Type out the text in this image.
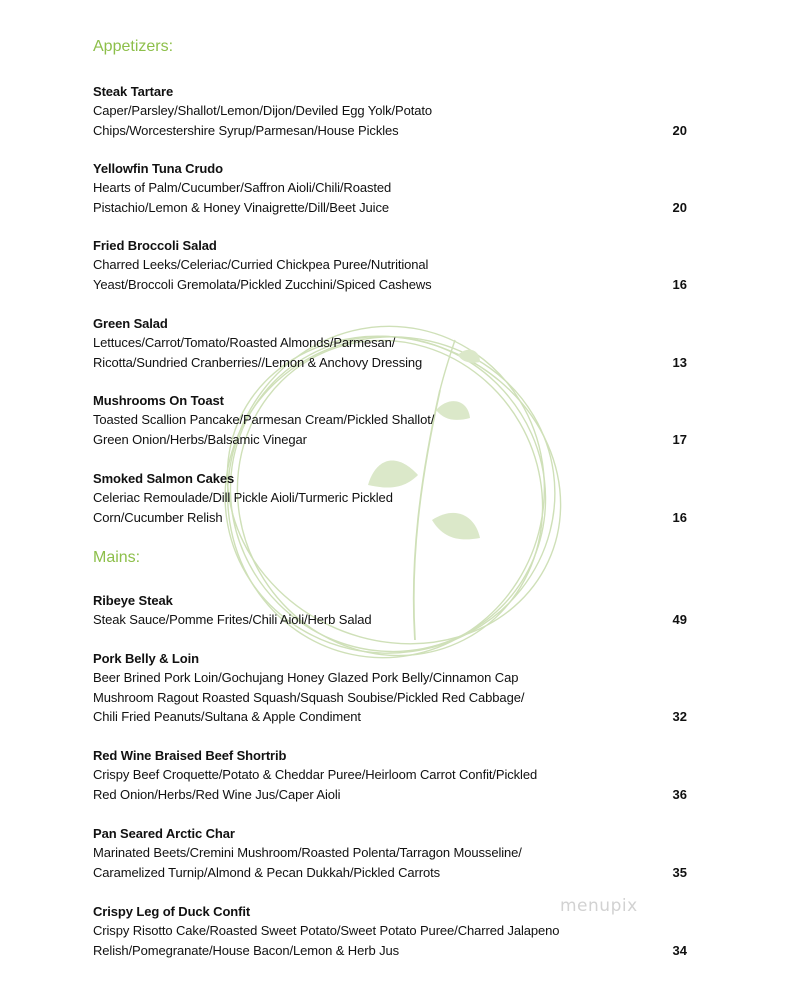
Appetizers:
Steak Tartare
Caper/Parsley/Shallot/Lemon/Dijon/Deviled Egg Yolk/Potato
Chips/Worcestershire Syrup/Parmesan/House Pickles	20
Yellowfin Tuna Crudo
Hearts of Palm/Cucumber/Saffron Aioli/Chili/Roasted
Pistachio/Lemon & Honey Vinaigrette/Dill/Beet Juice	20
Fried Broccoli Salad
Charred Leeks/Celeriac/Curried Chickpea Puree/Nutritional
Yeast/Broccoli Gremolata/Pickled Zucchini/Spiced Cashews	16
Green Salad
Lettuces/Carrot/Tomato/Roasted Almonds/Parmesan/
Ricotta/Sundried Cranberries//Lemon & Anchovy Dressing	13
Mushrooms On Toast
Toasted Scallion Pancake/Parmesan Cream/Pickled Shallot/
Green Onion/Herbs/Balsamic Vinegar	17
Smoked Salmon Cakes
Celeriac Remoulade/Dill Pickle Aioli/Turmeric Pickled
Corn/Cucumber Relish	16
Mains:
Ribeye Steak
Steak Sauce/Pomme Frites/Chili Aioli/Herb Salad	49
Pork Belly & Loin
Beer Brined Pork Loin/Gochujang Honey Glazed Pork Belly/Cinnamon Cap
Mushroom Ragout Roasted Squash/Squash Soubise/Pickled Red Cabbage/
Chili Fried Peanuts/Sultana & Apple Condiment	32
Red Wine Braised Beef Shortrib
Crispy Beef Croquette/Potato & Cheddar Puree/Heirloom Carrot Confit/Pickled
Red Onion/Herbs/Red Wine Jus/Caper Aioli	36
Pan Seared Arctic Char
Marinated Beets/Cremini Mushroom/Roasted Polenta/Tarragon Mousseline/
Caramelized Turnip/Almond & Pecan Dukkah/Pickled Carrots	35
Crispy Leg of Duck Confit
Crispy Risotto Cake/Roasted Sweet Potato/Sweet Potato Puree/Charred Jalapeno
Relish/Pomegranate/House Bacon/Lemon & Herb Jus	34
menupix
